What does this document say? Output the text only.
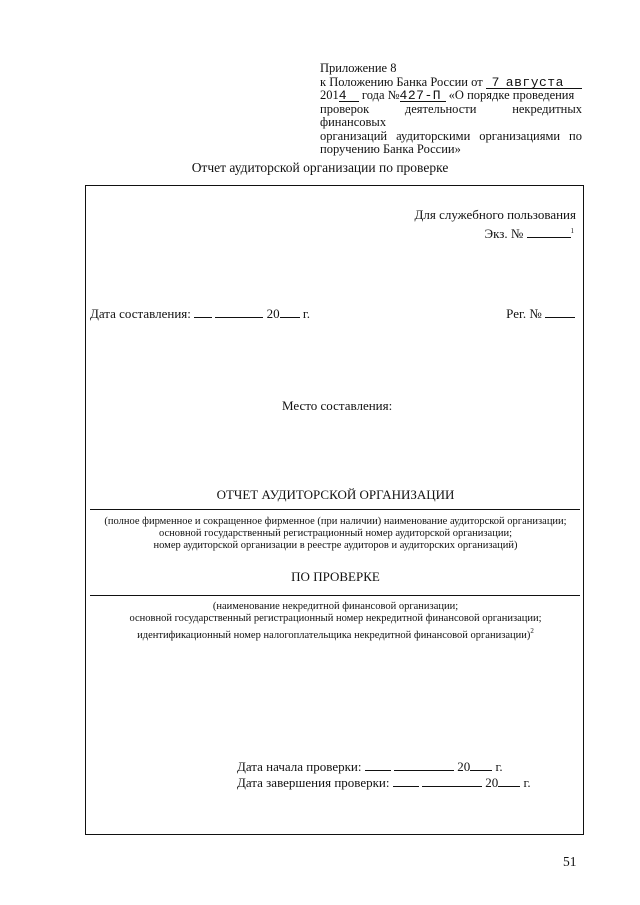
Приложение 8
к Положению Банка России от 7 августа
2014 года №427-П «О порядке проведения
проверок деятельности некредитных финансовых
организаций аудиторскими организациями по
поручению Банка России»
Отчет аудиторской организации по проверке
Для служебного пользования
Экз. №	$^1$
Дата составления:	20 г.	Рег. №
Место составления:
ОТЧЕТ АУДИТОРСКОЙ ОРГАНИЗАЦИИ
(полное фирменное и сокращенное фирменное (при наличии) наименование аудиторской организации;
основной государственный регистрационный номер аудиторской организации;
номер аудиторской организации в реестре аудиторов и аудиторских организаций)
ПО ПРОВЕРКЕ
(наименование некредитной финансовой организации;
основной государственный регистрационный номер некредитной финансовой организации;
идентификационный номер налогоплательщика некредитной финансовой организации)$^2$
Дата начала проверки:	20 г.
Дата завершения проверки:	20 г.
51
